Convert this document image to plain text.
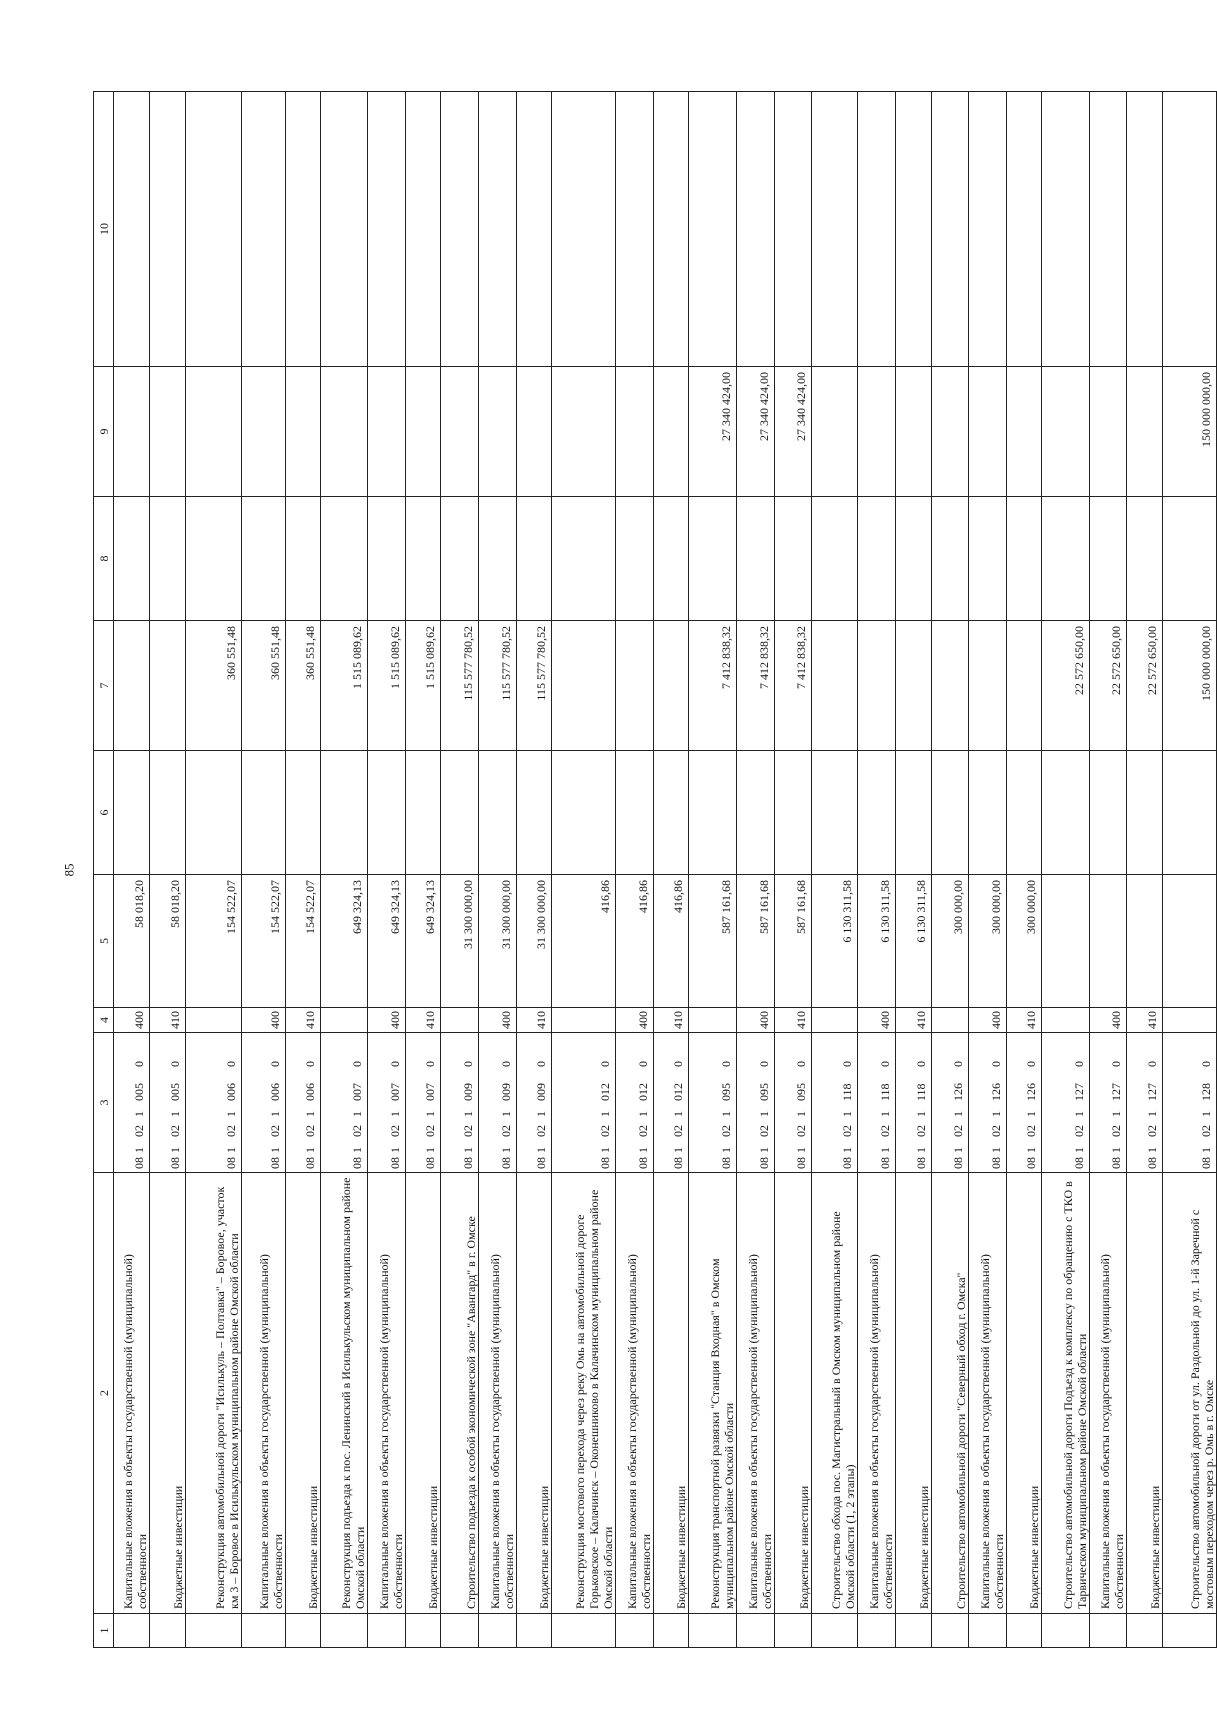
85
1	2	3	4	5	6	7	8	9	10
	Капитальные вложения в объекты государственной (муниципальной) собственности	0810210050	400	58 018,20					
	Бюджетные инвестиции	0810210050	410	58 018,20					
	Реконструкция автомобильной дороги "Исилькуль – Полтавка" – Боровое, участок км 3 – Боровое в Исилькульском муниципальном районе Омской области	0810210060		154 522,07		360 551,48			
	Капитальные вложения в объекты государственной (муниципальной) собственности	0810210060	400	154 522,07		360 551,48			
	Бюджетные инвестиции	0810210060	410	154 522,07		360 551,48			
	Реконструкция подъезда к пос. Ленинский в Исилькульском муниципальном районе Омской области	0810210070		649 324,13		1 515 089,62			
	Капитальные вложения в объекты государственной (муниципальной) собственности	0810210070	400	649 324,13		1 515 089,62			
	Бюджетные инвестиции	0810210070	410	649 324,13		1 515 089,62			
	Строительство подъезда к особой экономической зоне "Авангард" в г. Омске	0810210090		31 300 000,00		115 577 780,52			
	Капитальные вложения в объекты государственной (муниципальной) собственности	0810210090	400	31 300 000,00		115 577 780,52			
	Бюджетные инвестиции	0810210090	410	31 300 000,00		115 577 780,52			
	Реконструкция мостового перехода через реку Омь на автомобильной дороге Горьковское – Калачинск – Оконешниково в Калачинском муниципальном районе Омской области	0810210120		416,86					
	Капитальные вложения в объекты государственной (муниципальной) собственности	0810210120	400	416,86					
	Бюджетные инвестиции	0810210120	410	416,86					
	Реконструкция транспортной развязки "Станция Входная" в Омском муниципальном районе Омской области	0810210950		587 161,68		7 412 838,32		27 340 424,00	
	Капитальные вложения в объекты государственной (муниципальной) собственности	0810210950	400	587 161,68		7 412 838,32		27 340 424,00	
	Бюджетные инвестиции	0810210950	410	587 161,68		7 412 838,32		27 340 424,00	
	Строительство обхода пос. Магистральный в Омском муниципальном районе Омской области (1, 2 этапы)	0810211180		6 130 311,58					
	Капитальные вложения в объекты государственной (муниципальной) собственности	0810211180	400	6 130 311,58					
	Бюджетные инвестиции	0810211180	410	6 130 311,58					
	Строительство автомобильной дороги "Северный обход г. Омска"	0810211260		300 000,00					
	Капитальные вложения в объекты государственной (муниципальной) собственности	0810211260	400	300 000,00					
	Бюджетные инвестиции	0810211260	410	300 000,00					
	Строительство автомобильной дороги Подъезд к комплексу по обращению с ТКО в Тарвическом муниципальном районе Омской области	0810211270				22 572 650,00			
	Капитальные вложения в объекты государственной (муниципальной) собственности	0810211270	400			22 572 650,00			
	Бюджетные инвестиции	0810211270	410			22 572 650,00			
	Строительство автомобильной дороги от ул. Раздольной до ул. 1-й Заречной с мостовым переходом через р. Омь в г. Омске	0810211280				150 000 000,00		150 000 000,00	
